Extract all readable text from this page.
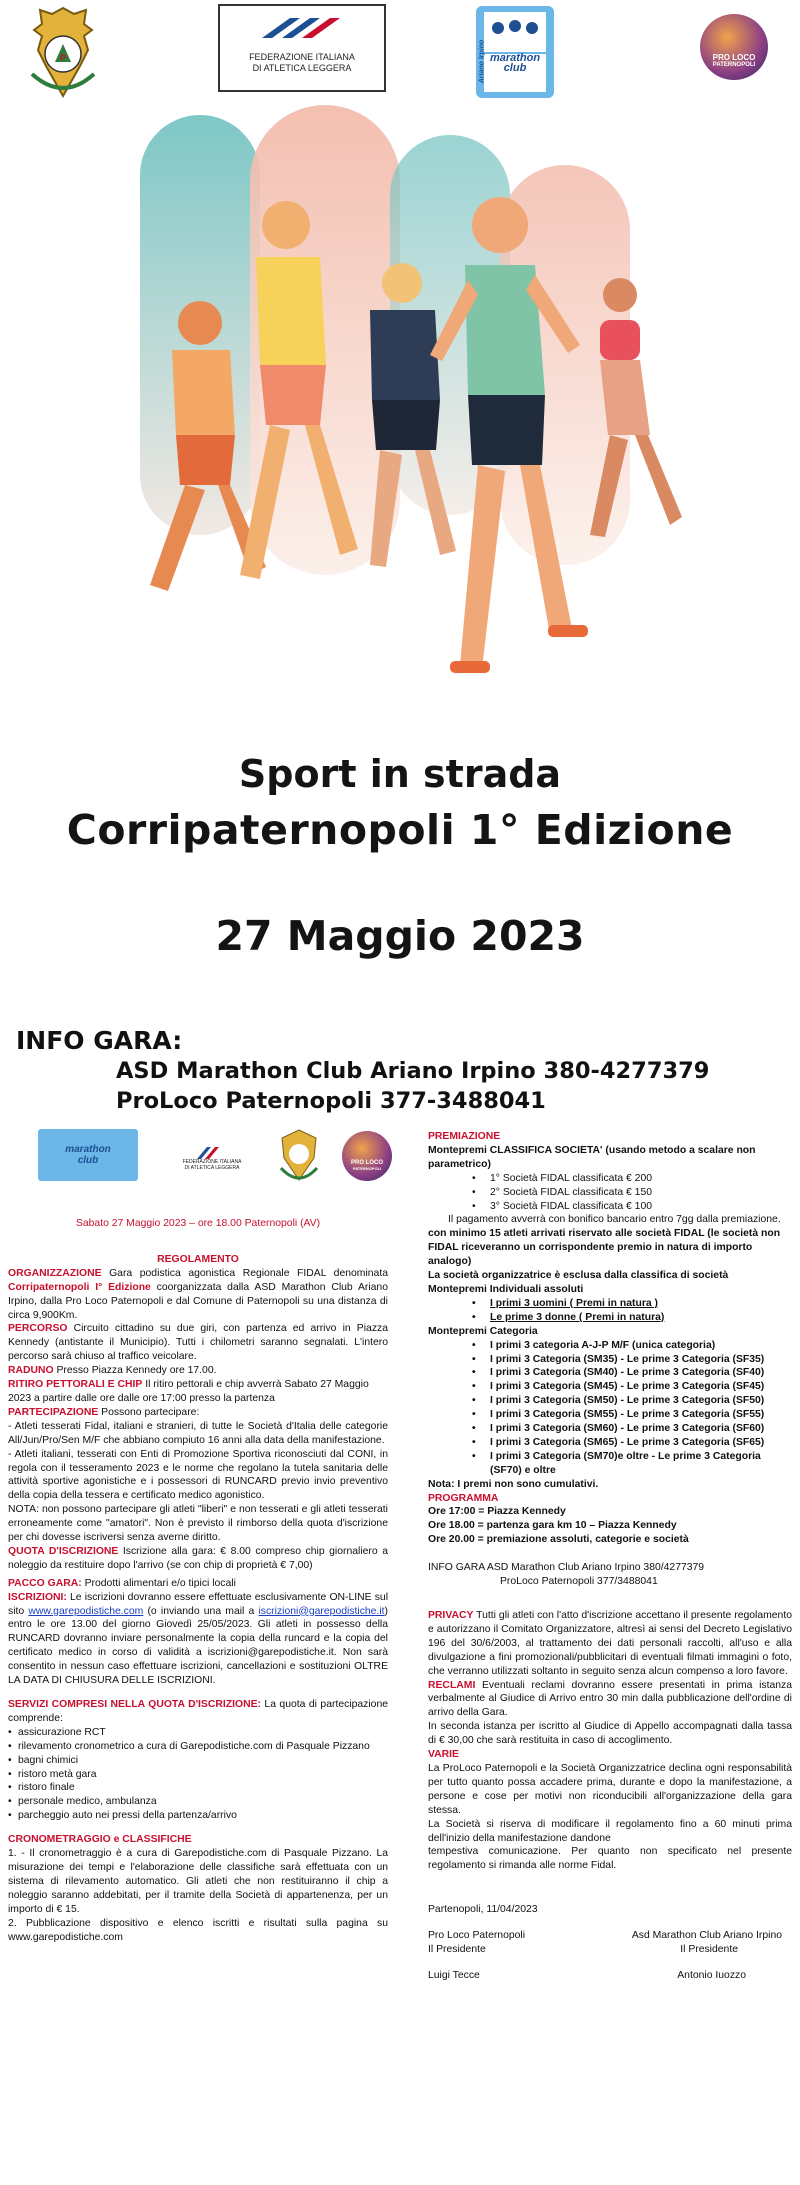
P	FEDERAZIONE ITALIANA
DI ATLETICA LEGGERA
marathon
club
Ariano Irpino	PRO LOCO
PATERNOPOLI
Sport in strada
Corripaternopoli 1° Edizione
27 Maggio 2023
INFO GARA:
ASD Marathon Club Ariano Irpino 380-4277379
ProLoco Paternopoli 377-3488041
marathon
club	FEDERAZIONE ITALIANA
DI ATLETICA LEGGERA
PRO LOCO
PATERNOPOLI

Sabato 27 Maggio 2023 – ore 18.00 Paternopoli (AV)

REGOLAMENTO

ORGANIZZAZIONE Gara podistica agonistica Regionale FIDAL denominata Corripaternopoli I° Edizione coorganizzata dalla ASD Marathon Club Ariano Irpino, dalla Pro Loco Paternopoli e dal Comune di Paternopoli su una distanza di circa 9,900Km.

PERCORSO Circuito cittadino su due giri, con partenza ed arrivo in Piazza Kennedy (antistante il Municipio). Tutti i chilometri saranno segnalati. L'intero percorso sarà chiuso al traffico veicolare.

RADUNO Presso Piazza Kennedy ore 17.00.

RITIRO PETTORALI E CHIP Il ritiro pettorali e chip avverrà Sabato 27 Maggio 2023 a partire dalle ore dalle ore 17:00 presso la partenza

PARTECIPAZIONE Possono partecipare:

- Atleti tesserati Fidal, italiani e stranieri, di tutte le Società d'Italia delle categorie All/Jun/Pro/Sen M/F che abbiano compiuto 16 anni alla data della manifestazione.

- Atleti italiani, tesserati con Enti di Promozione Sportiva riconosciuti dal CONI, in regola con il tesseramento 2023 e le norme che regolano la tutela sanitaria delle attività sportive agonistiche e i possessori di RUNCARD previo invio preventivo della copia della tessera e certificato medico agonistico.

NOTA: non possono partecipare gli atleti "liberi" e non tesserati e gli atleti tesserati erroneamente come "amatori". Non è previsto il rimborso della quota d'iscrizione per chi dovesse iscriversi senza averne diritto.

QUOTA D'ISCRIZIONE Iscrizione alla gara: € 8.00 compreso chip giornaliero a noleggio da restituire dopo l'arrivo (se con chip di proprietà € 7,00)

PACCO GARA: Prodotti alimentari e/o tipici locali

ISCRIZIONI: Le iscrizioni dovranno essere effettuate esclusivamente ON-LINE sul sito www.garepodistiche.com (o inviando una mail a iscrizioni@garepodistiche.it) entro le ore 13.00 del giorno Giovedì 25/05/2023. Gli atleti in possesso della RUNCARD dovranno inviare personalmente la copia della runcard e la copia del certificato medico in corso di validità a iscrizioni@garepodistiche.it. Non sarà consentito in nessun caso effettuare iscrizioni, cancellazioni e sostituzioni OLTRE LA DATA DI CHIUSURA DELLE ISCRIZIONI.

SERVIZI COMPRESI NELLA QUOTA D'ISCRIZIONE: La quota di partecipazione comprende:

• assicurazione RCT
• rilevamento cronometrico a cura di Garepodistiche.com di Pasquale Pizzano
• bagni chimici
• ristoro metà gara
• ristoro finale
• personale medico, ambulanza
• parcheggio auto nei pressi della partenza/arrivo

CRONOMETRAGGIO e CLASSIFICHE

1. - Il cronometraggio è a cura di Garepodistiche.com di Pasquale Pizzano. La misurazione dei tempi e l'elaborazione delle classifiche sarà effettuata con un sistema di rilevamento automatico. Gli atleti che non restituiranno il chip a noleggio saranno addebitati, per il tramite della Società di appartenenza, per un importo di € 15.

2. Pubblicazione dispositivo e elenco iscritti e risultati sulla pagina su www.garepodistiche.com

PREMIAZIONE

Montepremi CLASSIFICA SOCIETA' (usando metodo a scalare non parametrico)

• 1° Società FIDAL classificata € 200
• 2° Società FIDAL classificata € 150
• 3° Società FIDAL classificata € 100

Il pagamento avverrà con bonifico bancario entro 7gg dalla premiazione.

con minimo 15 atleti arrivati riservato alle società FIDAL (le società non FIDAL riceveranno un corrispondente premio in natura di importo analogo)

La società organizzatrice è esclusa dalla classifica di società

Montepremi Individuali assoluti

• I primi 3 uomini ( Premi in natura )
• Le prime 3 donne ( Premi in natura)

Montepremi Categoria

• I primi 3 categoria A-J-P M/F (unica categoria)
• I primi 3 Categoria (SM35) - Le prime 3 Categoria (SF35)
• I primi 3 Categoria (SM40) - Le prime 3 Categoria (SF40)
• I primi 3 Categoria (SM45) - Le prime 3 Categoria (SF45)
• I primi 3 Categoria (SM50) - Le prime 3 Categoria (SF50)
• I primi 3 Categoria (SM55) - Le prime 3 Categoria (SF55)
• I primi 3 Categoria (SM60) - Le prime 3 Categoria (SF60)
• I primi 3 Categoria (SM65) - Le prime 3 Categoria (SF65)
• I primi 3 Categoria (SM70)e oltre - Le prime 3 Categoria (SF70) e oltre

Nota: I premi non sono cumulativi.

PROGRAMMA

Ore 17:00 = Piazza Kennedy

Ore 18.00 = partenza gara km 10 – Piazza Kennedy

Ore 20.00 = premiazione assoluti, categorie e società

INFO GARA ASD Marathon Club Ariano Irpino 380/4277379

ProLoco Paternopoli 377/3488041

PRIVACY Tutti gli atleti con l'atto d'iscrizione accettano il presente regolamento e autorizzano il Comitato Organizzatore, altresì ai sensi del Decreto Legislativo 196 del 30/6/2003, al trattamento dei dati personali raccolti, all'uso e alla divulgazione a fini promozionali/pubblicitari di eventuali filmati immagini o foto, che verranno utilizzati soltanto in seguito senza alcun compenso a loro favore.

RECLAMI Eventuali reclami dovranno essere presentati in prima istanza verbalmente al Giudice di Arrivo entro 30 min dalla pubblicazione dell'ordine di arrivo della Gara.

In seconda istanza per iscritto al Giudice di Appello accompagnati dalla tassa di € 30,00 che sarà restituita in caso di accoglimento.

VARIE

La ProLoco Paternopoli e la Società Organizzatrice declina ogni responsabilità per tutto quanto possa accadere prima, durante e dopo la manifestazione, a persone e cose per motivi non riconducibili all'organizzazione della gara stessa.

La Società si riserva di modificare il regolamento fino a 60 minuti prima dell'inizio della manifestazione dandone

tempestiva comunicazione. Per quanto non specificato nel presente regolamento si rimanda alle norme Fidal.

Partenopoli, 11/04/2023

Pro Loco Paternopoli	Asd Marathon Club Ariano Irpino
Il Presidente	Il Presidente
Luigi Tecce	Antonio Iuozzo
